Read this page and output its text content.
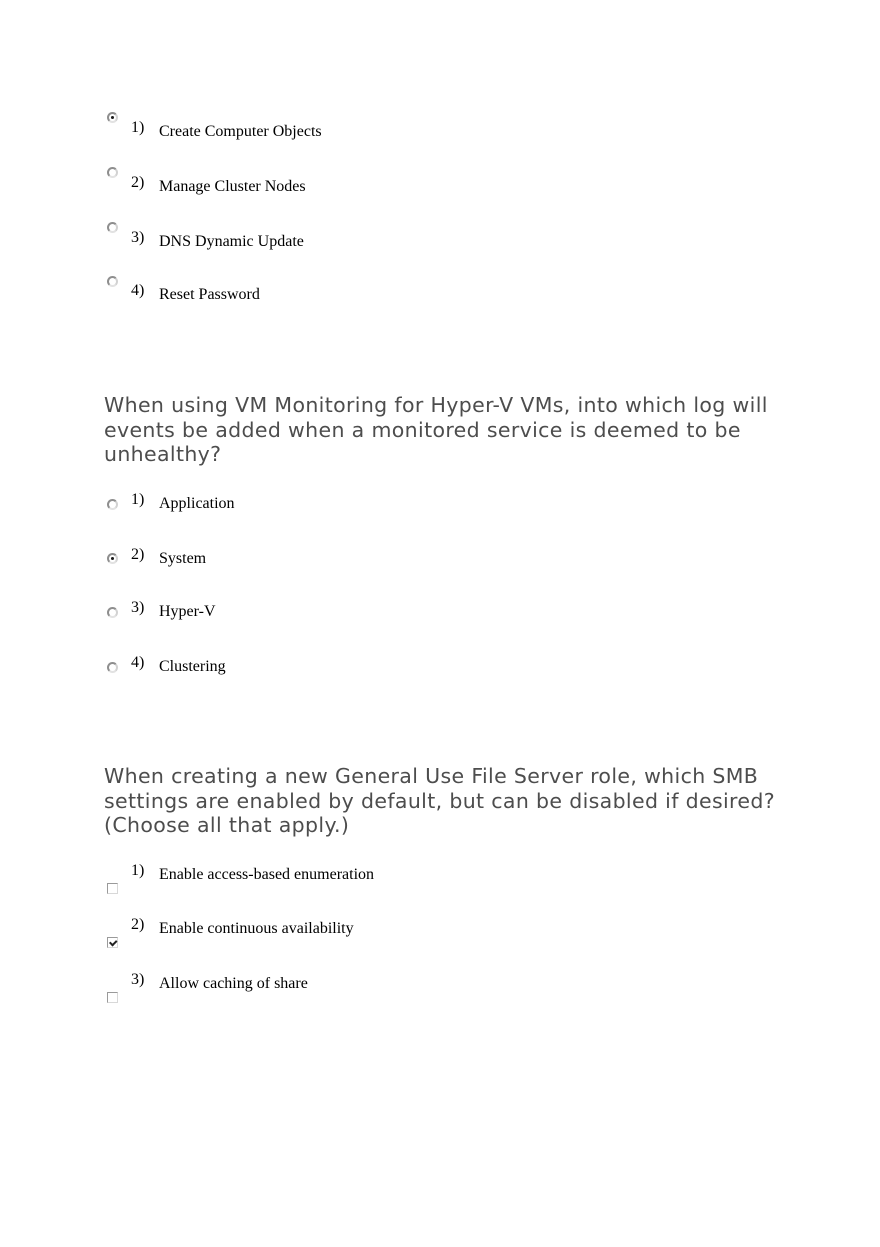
1) Create Computer Objects
2) Manage Cluster Nodes
3) DNS Dynamic Update
4) Reset Password
When using VM Monitoring for Hyper-V VMs, into which log will events be added when a monitored service is deemed to be unhealthy?
1) Application
2) System
3) Hyper-V
4) Clustering
When creating a new General Use File Server role, which SMB settings are enabled by default, but can be disabled if desired? (Choose all that apply.)
1) Enable access-based enumeration
2) Enable continuous availability
3) Allow caching of share
